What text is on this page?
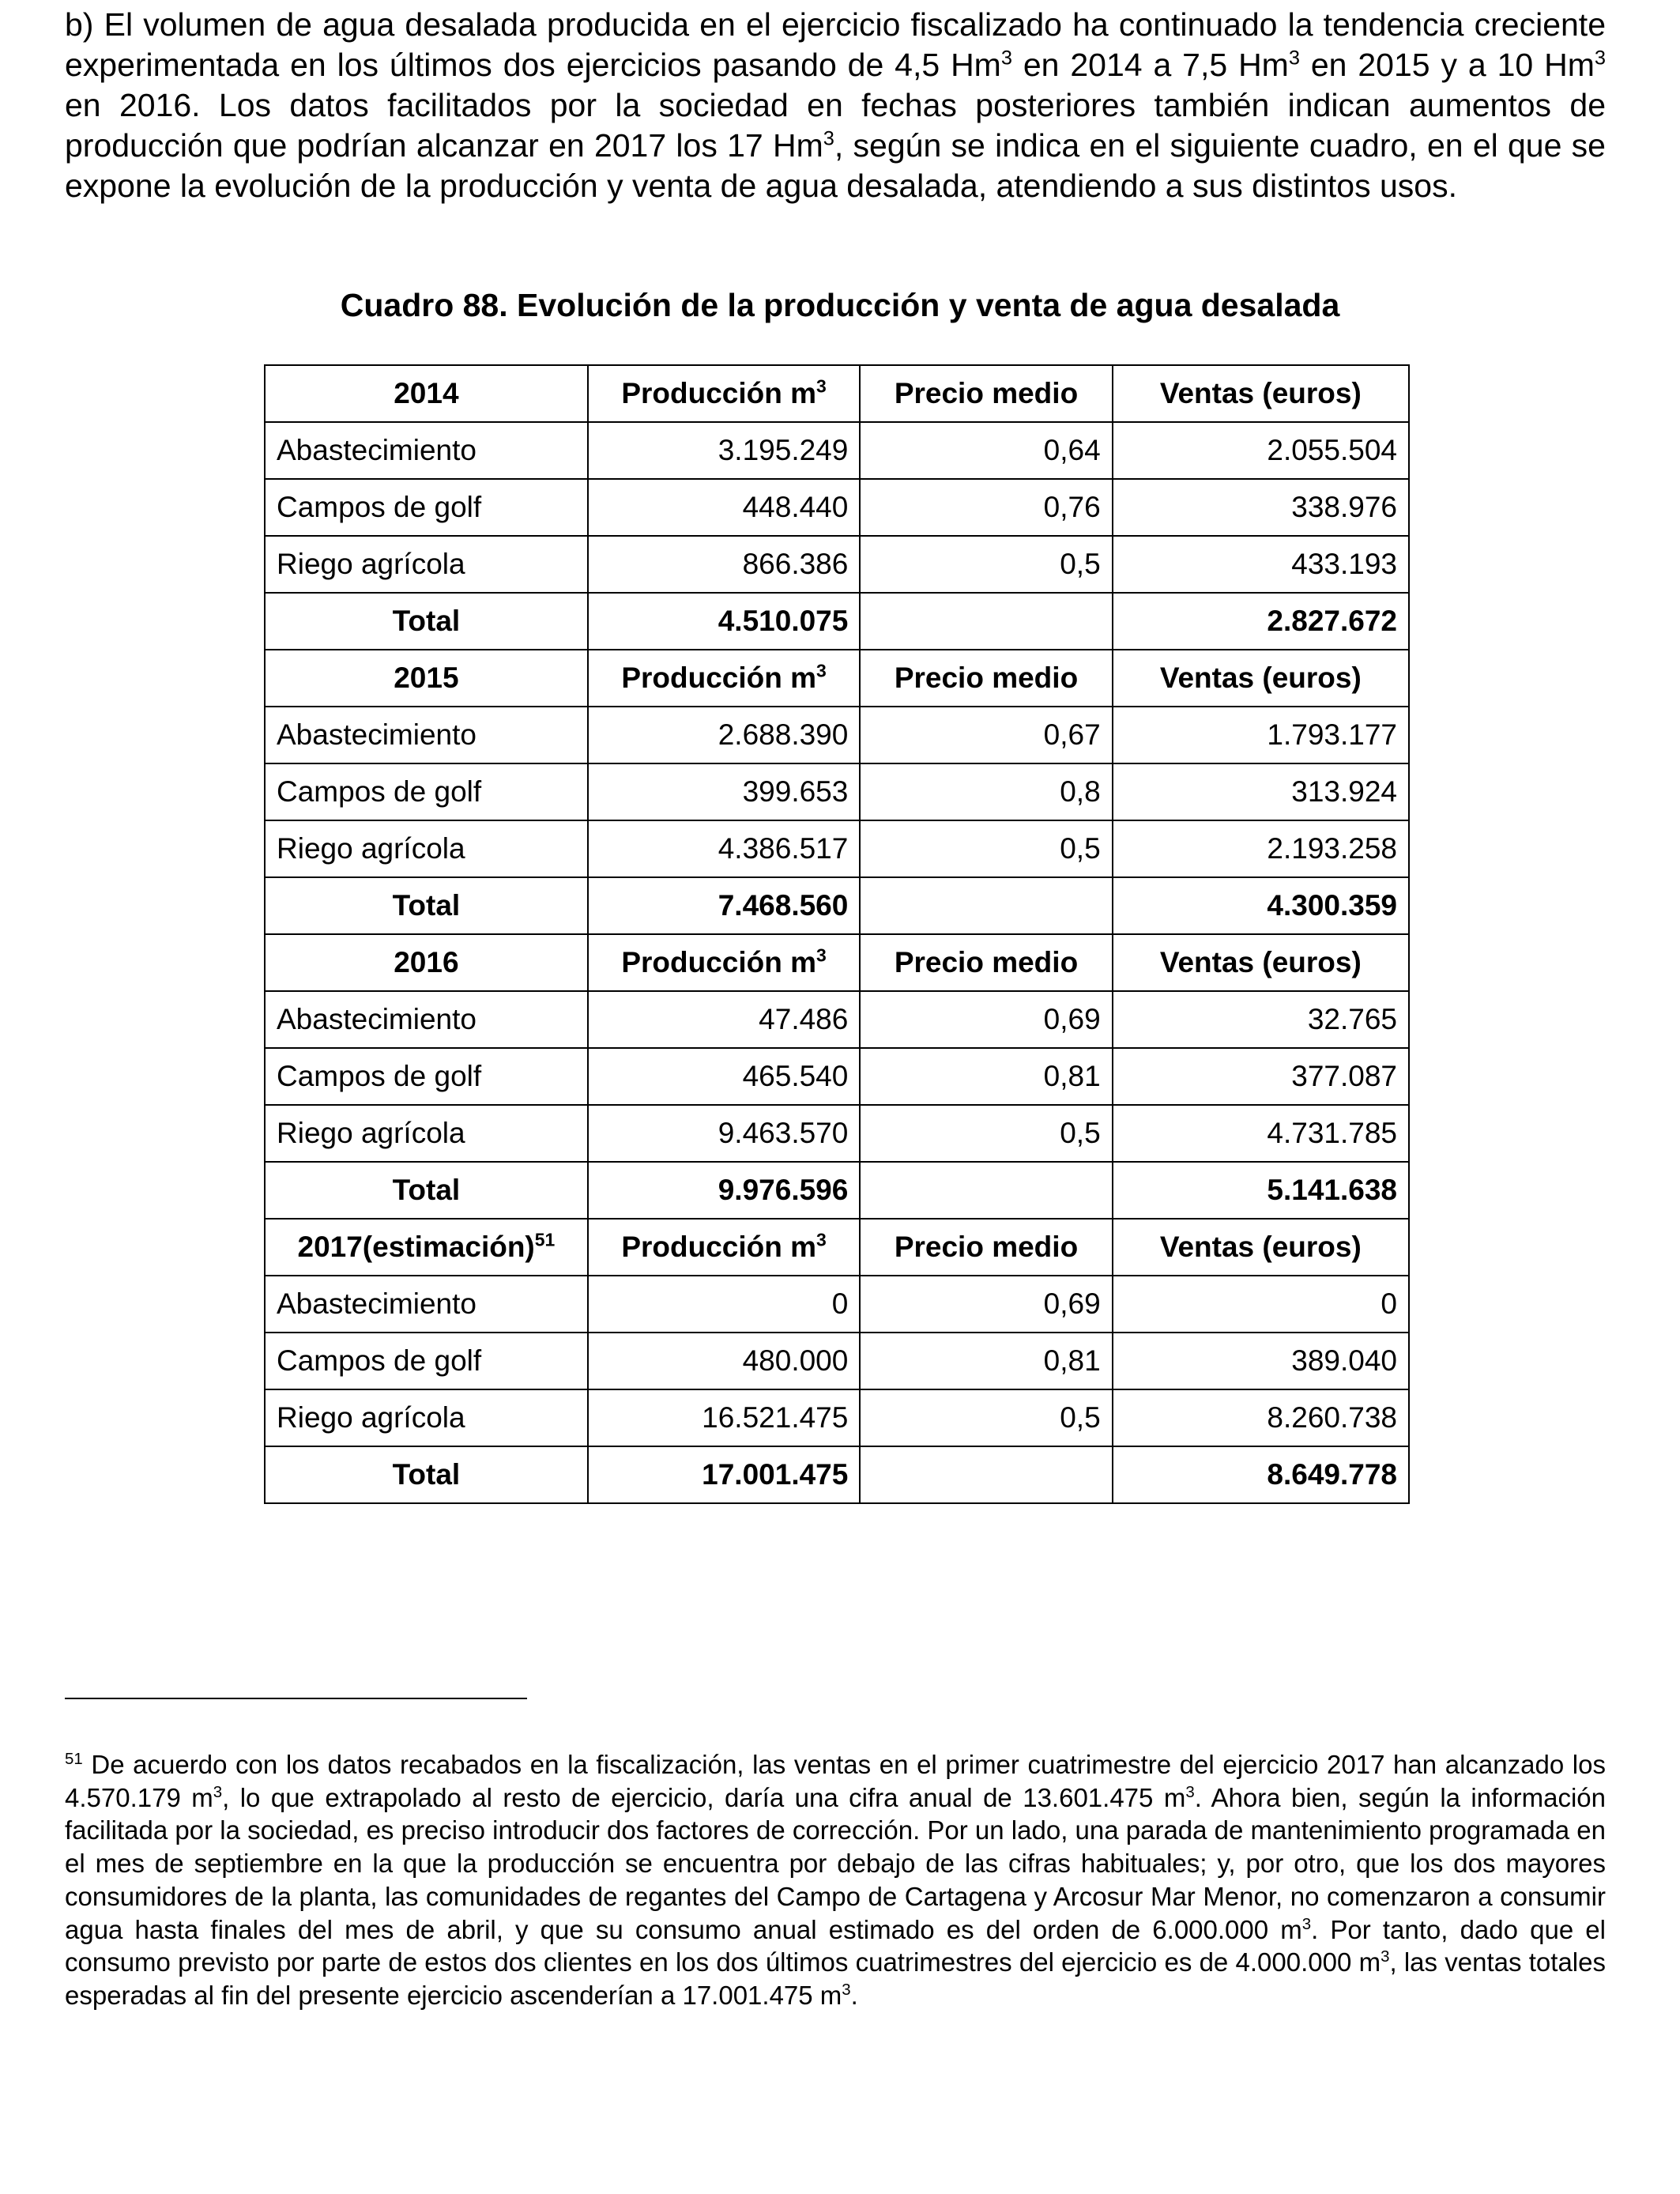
b) El volumen de agua desalada producida en el ejercicio fiscalizado ha continuado la tendencia creciente experimentada en los últimos dos ejercicios pasando de 4,5 Hm$^3$ en 2014 a 7,5 Hm$^3$ en 2015 y a 10 Hm$^3$ en 2016. Los datos facilitados por la sociedad en fechas posteriores también indican aumentos de producción que podrían alcanzar en 2017 los 17 Hm$^3$, según se indica en el siguiente cuadro, en el que se expone la evolución de la producción y venta de agua desalada, atendiendo a sus distintos usos.

Cuadro 88. Evolución de la producción y venta de agua desalada

2014	Producción $m^3$	Precio medio	Ventas (euros)
Abastecimiento	3.195.249	0,64	2.055.504
Campos de golf	448.440	0,76	338.976
Riego agrícola	866.386	0,5	433.193
Total	4.510.075		2.827.672
2015	Producción $m^3$	Precio medio	Ventas (euros)
Abastecimiento	2.688.390	0,67	1.793.177
Campos de golf	399.653	0,8	313.924
Riego agrícola	4.386.517	0,5	2.193.258
Total	7.468.560		4.300.359
2016	Producción $m^3$	Precio medio	Ventas (euros)
Abastecimiento	47.486	0,69	32.765
Campos de golf	465.540	0,81	377.087
Riego agrícola	9.463.570	0,5	4.731.785
Total	9.976.596		5.141.638
2017(estimación)$^{51}$	Producción $m^3$	Precio medio	Ventas (euros)
Abastecimiento	0	0,69	0
Campos de golf	480.000	0,81	389.040
Riego agrícola	16.521.475	0,5	8.260.738
Total	17.001.475		8.649.778

$^{51}$ De acuerdo con los datos recabados en la fiscalización, las ventas en el primer cuatrimestre del ejercicio 2017 han alcanzado los 4.570.179 $m^3$, lo que extrapolado al resto de ejercicio, daría una cifra anual de 13.601.475 $m^3$. Ahora bien, según la información facilitada por la sociedad, es preciso introducir dos factores de corrección. Por un lado, una parada de mantenimiento programada en el mes de septiembre en la que la producción se encuentra por debajo de las cifras habituales; y, por otro, que los dos mayores consumidores de la planta, las comunidades de regantes del Campo de Cartagena y Arcosur Mar Menor, no comenzaron a consumir agua hasta finales del mes de abril, y que su consumo anual estimado es del orden de 6.000.000 $m^3$. Por tanto, dado que el consumo previsto por parte de estos dos clientes en los dos últimos cuatrimestres del ejercicio es de 4.000.000 $m^3$, las ventas totales esperadas al fin del presente ejercicio ascenderían a 17.001.475 $m^3$.
